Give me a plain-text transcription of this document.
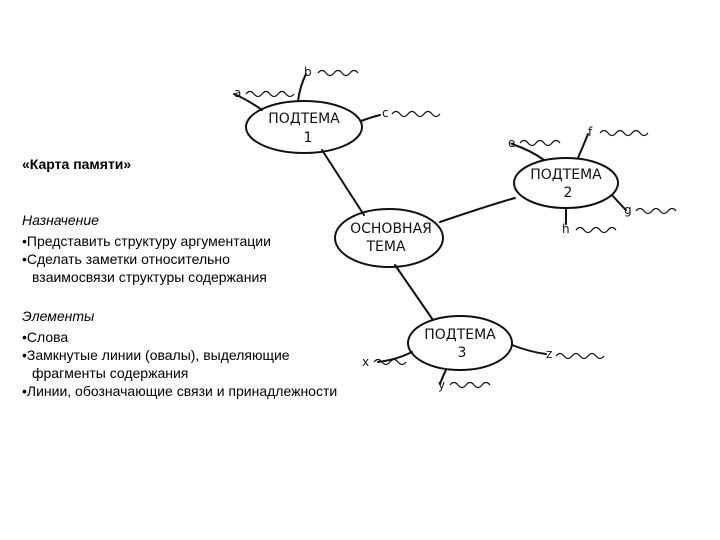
«Карта памяти»
Назначение
•Представить структуру аргументации
•Сделать заметки относительно
взаимосвязи структуры содержания
Элементы
•Слова
•Замкнутые линии (овалы), выделяющие
фрагменты содержания
•Линии, обозначающие связи и принадлежности
ПОДТЕМА
1
ПОДТЕМА
2
ОСНОВНАЯ
ТЕМА
ПОДТЕМА
3
a
b
c
e
f
g
h
x
y
z
